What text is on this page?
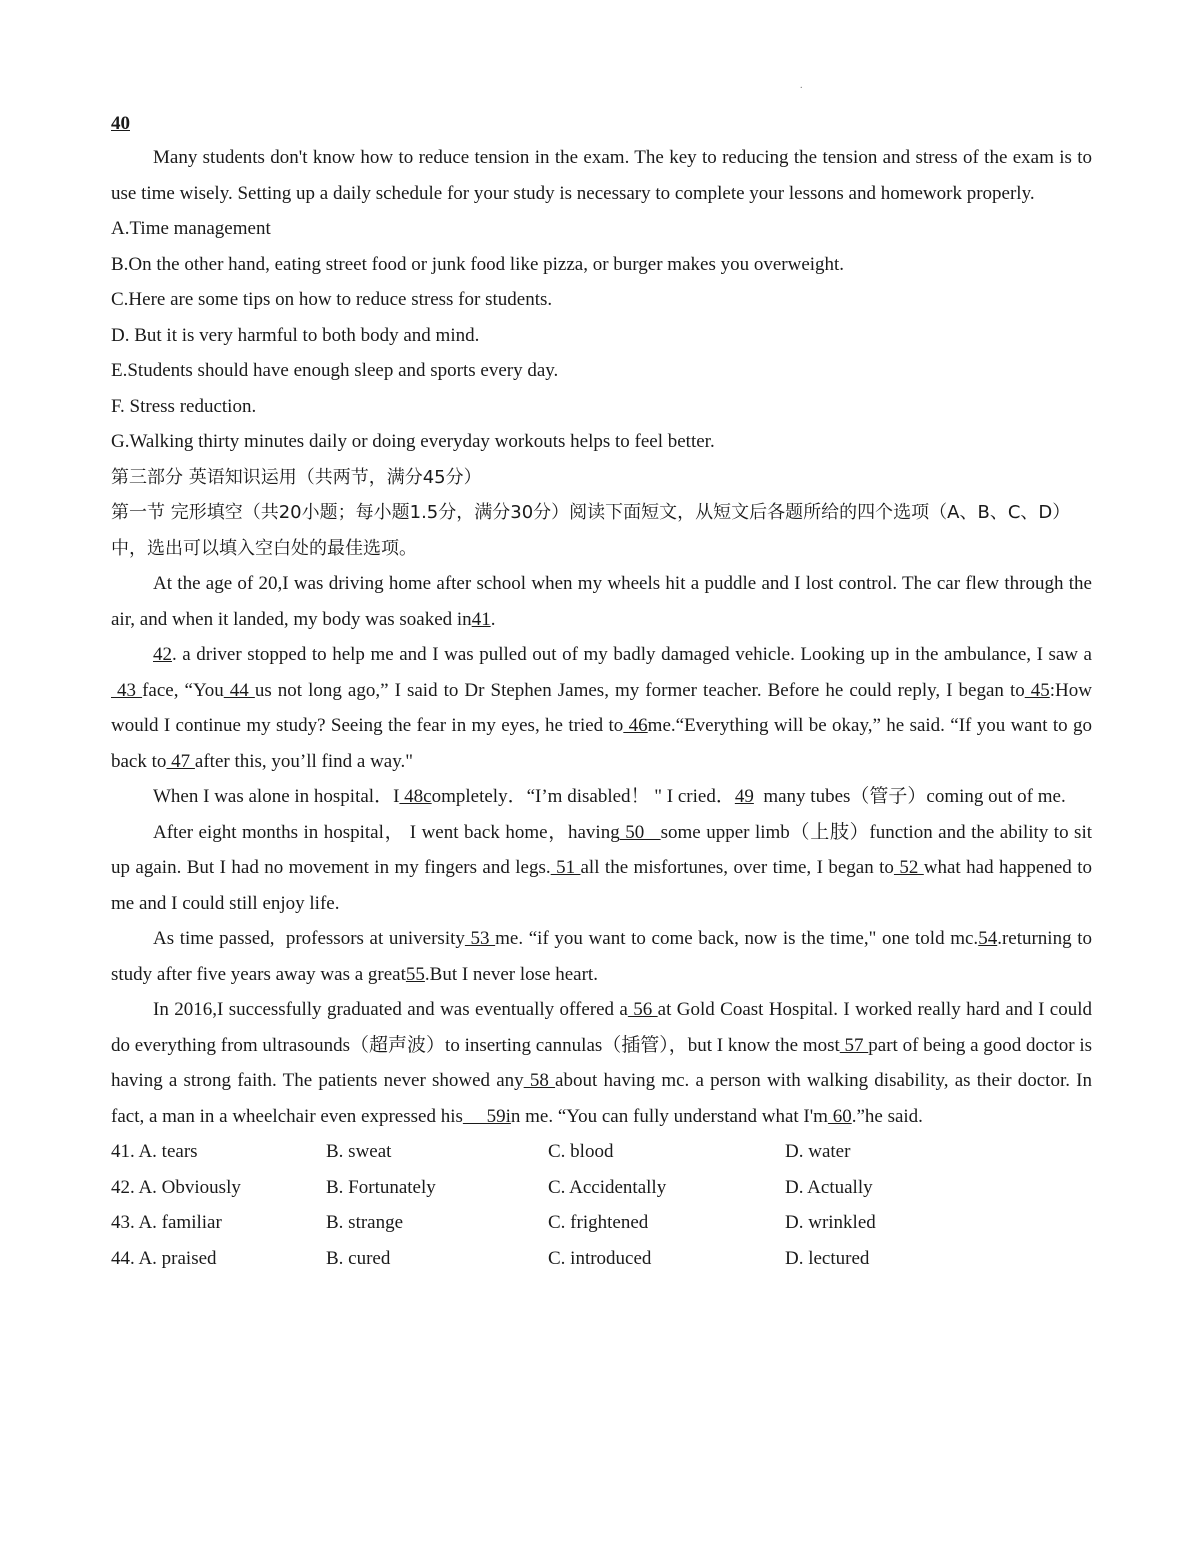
.

40

Many students don't know how to reduce tension in the exam. The key to reducing the tension and stress of the exam is to use time wisely. Setting up a daily schedule for your study is necessary to complete your lessons and homework properly.

A.Time management

B.On the other hand, eating street food or junk food like pizza, or burger makes you overweight.

C.Here are some tips on how to reduce stress for students.

D. But it is very harmful to both body and mind.

E.Students should have enough sleep and sports every day.

F. Stress reduction.

G.Walking thirty minutes daily or doing everyday workouts helps to feel better.

第三部分 英语知识运用（共两节，满分45分）

第一节 完形填空（共20小题；每小题1.5分，满分30分）阅读下面短文，从短文后各题所给的四个选项（A、B、C、D）中，选出可以填入空白处的最佳选项。

At the age of 20,I was driving home after school when my wheels hit a puddle and I lost control. The car flew through the air, and when it landed, my body was soaked in41.

42. a driver stopped to help me and I was pulled out of my badly damaged vehicle. Looking up in the ambulance, I saw a 43 face, “You 44 us not long ago,” I said to Dr Stephen James, my former teacher. Before he could reply, I began to 45:How would I continue my study? Seeing the fear in my eyes, he tried to 46me.“Everything will be okay,” he said. “If you want to go back to 47 after this, you’ll find a way."

When I was alone in hospital．I 48completely．“I’m disabled！ " I cried．49  many tubes（管子）coming out of me.

After eight months in hospital， I went back home，having 50   some upper limb（上肢）function and the ability to sit up again. But I had no movement in my fingers and legs. 51 all the misfortunes, over time, I began to 52 what had happened to me and I could still enjoy life.

As time passed,  professors at university 53 me. “if you want to come back, now is the time," one told mc.54.returning to study after five years away was a great55.But I never lose heart.

In 2016,I successfully graduated and was eventually offered a 56 at Gold Coast Hospital. I worked really hard and I could do everything from ultrasounds（超声波）to inserting cannulas（插管），but I know the most 57 part of being a good doctor is having a strong faith. The patients never showed any 58 about having mc. a person with walking disability, as their doctor. In fact, a man in a wheelchair even expressed his     59in me. “You can fully understand what I'm 60.”he said.

41. A. tears	B. sweat	C. blood	D. water
42. A. Obviously	B. Fortunately	C. Accidentally	D. Actually
43. A. familiar	B. strange	C. frightened	D. wrinkled
44. A. praised	B. cured	C. introduced	D. lectured
